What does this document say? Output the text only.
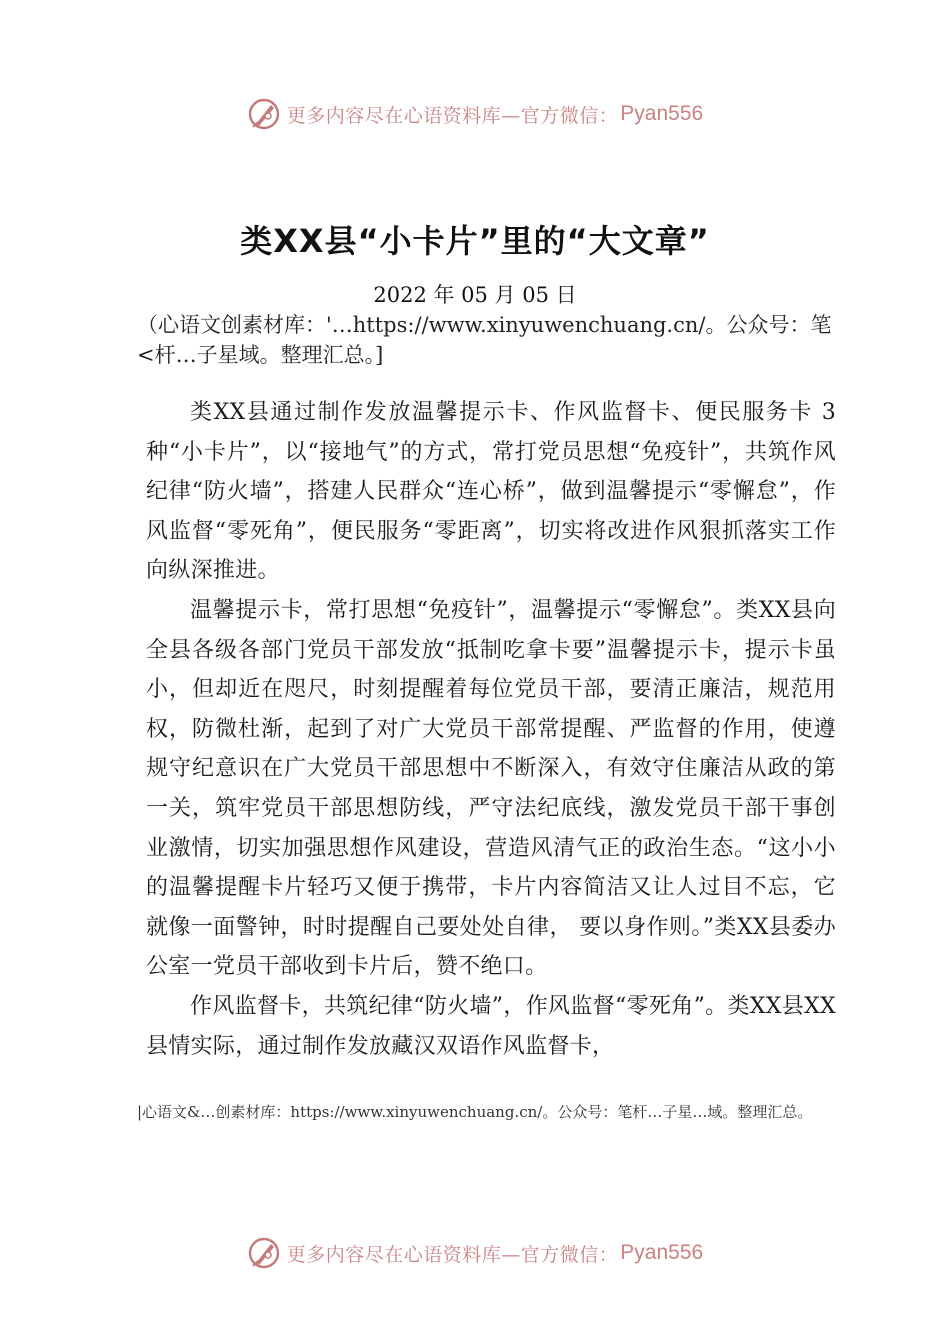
更多内容尽在心语资料库—官方微信： Pyan556
类XX县“小卡片”里的“大文章”
2022 年 05 月 05 日

（心语文创素材库：'…https://www.xinyuwenchuang.cn/。公众号：笔<杆…子星域。整理汇总。]

类XX县通过制作发放温馨提示卡、作风监督卡、便民服务卡 3 种“小卡片”，以“接地气”的方式，常打党员思想“免疫针”，共筑作风纪律“防火墙”，搭建人民群众“连心桥”，做到温馨提示“零懈怠”，作风监督“零死角”，便民服务“零距离”，切实将改进作风狠抓落实工作向纵深推进。

温馨提示卡，常打思想“免疫针”，温馨提示“零懈怠”。类XX县向全县各级各部门党员干部发放“抵制吃拿卡要”温馨提示卡，提示卡虽小，但却近在咫尺，时刻提醒着每位党员干部，要清正廉洁，规范用权，防微杜渐，起到了对广大党员干部常提醒、严监督的作用，使遵规守纪意识在广大党员干部思想中不断深入，有效守住廉洁从政的第一关，筑牢党员干部思想防线，严守法纪底线，激发党员干部干事创业激情，切实加强思想作风建设，营造风清气正的政治生态。“这小小的温馨提醒卡片轻巧又便于携带，卡片内容简洁又让人过目不忘，它就像一面警钟，时时提醒自己要处处自律， 要以身作则。”类XX县委办公室一党员干部收到卡片后，赞不绝口。

作风监督卡，共筑纪律“防火墙”，作风监督“零死角”。类XX县XX县情实际，通过制作发放藏汉双语作风监督卡，

|心语文&…创素材库：https://www.xinyuwenchuang.cn/。公众号：笔杆…子星…域。整理汇总。
更多内容尽在心语资料库—官方微信： Pyan556
